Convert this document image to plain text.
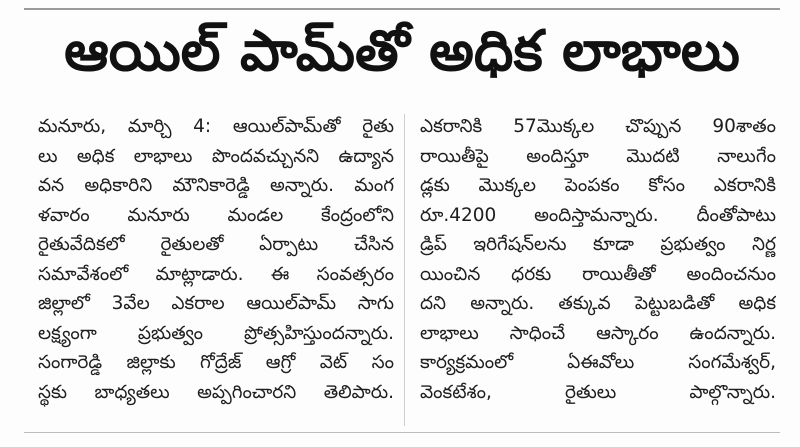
ఆయిల్ పామ్‌తో అధిక లాభాలు
మనూరు, మార్చి 4: ఆయిల్‌పామ్‌తో రైతు
లు అధిక లాభాలు పొందవచ్చునని ఉద్యాన
వన అధికారిని మౌనికారెడ్డి అన్నారు. మంగ
ళవారం మనూరు మండల కేంద్రంలోని
రైతువేదికలో రైతులతో ఏర్పాటు చేసిన
సమావేశంలో మాట్లాడారు. ఈ సంవత్సరం
జిల్లాలో 3వేల ఎకరాల ఆయిల్‌పామ్ సాగు
లక్ష్యంగా ప్రభుత్వం ప్రోత్సహిస్తుందన్నారు.
సంగారెడ్డి జిల్లాకు గోద్రేజ్ ఆగ్రో వెట్ సం
స్థకు బాధ్యతలు అప్పగించారని తెలిపారు.
ఎకరానికి 57మొక్కల చొప్పున 90శాతం
రాయితీపై అందిస్తూ మొదటి నాలుగేం
డ్లకు మొక్కల పెంపకం కోసం ఎకరానికి
రూ.4200 అందిస్తామన్నారు. దీంతోపాటు
డ్రిప్ ఇరిగేషన్‌లను కూడా ప్రభుత్వం నిర్ణ
యించిన ధరకు రాయితీతో అందించనుం
దని అన్నారు. తక్కువ పెట్టుబడితో అధిక
లాభాలు సాధించే ఆస్కారం ఉందన్నారు.
కార్యక్రమంలో ఏఈవోలు సంగమేశ్వర్,
వెంకటేశం, రైతులు పాల్గొన్నారు.
